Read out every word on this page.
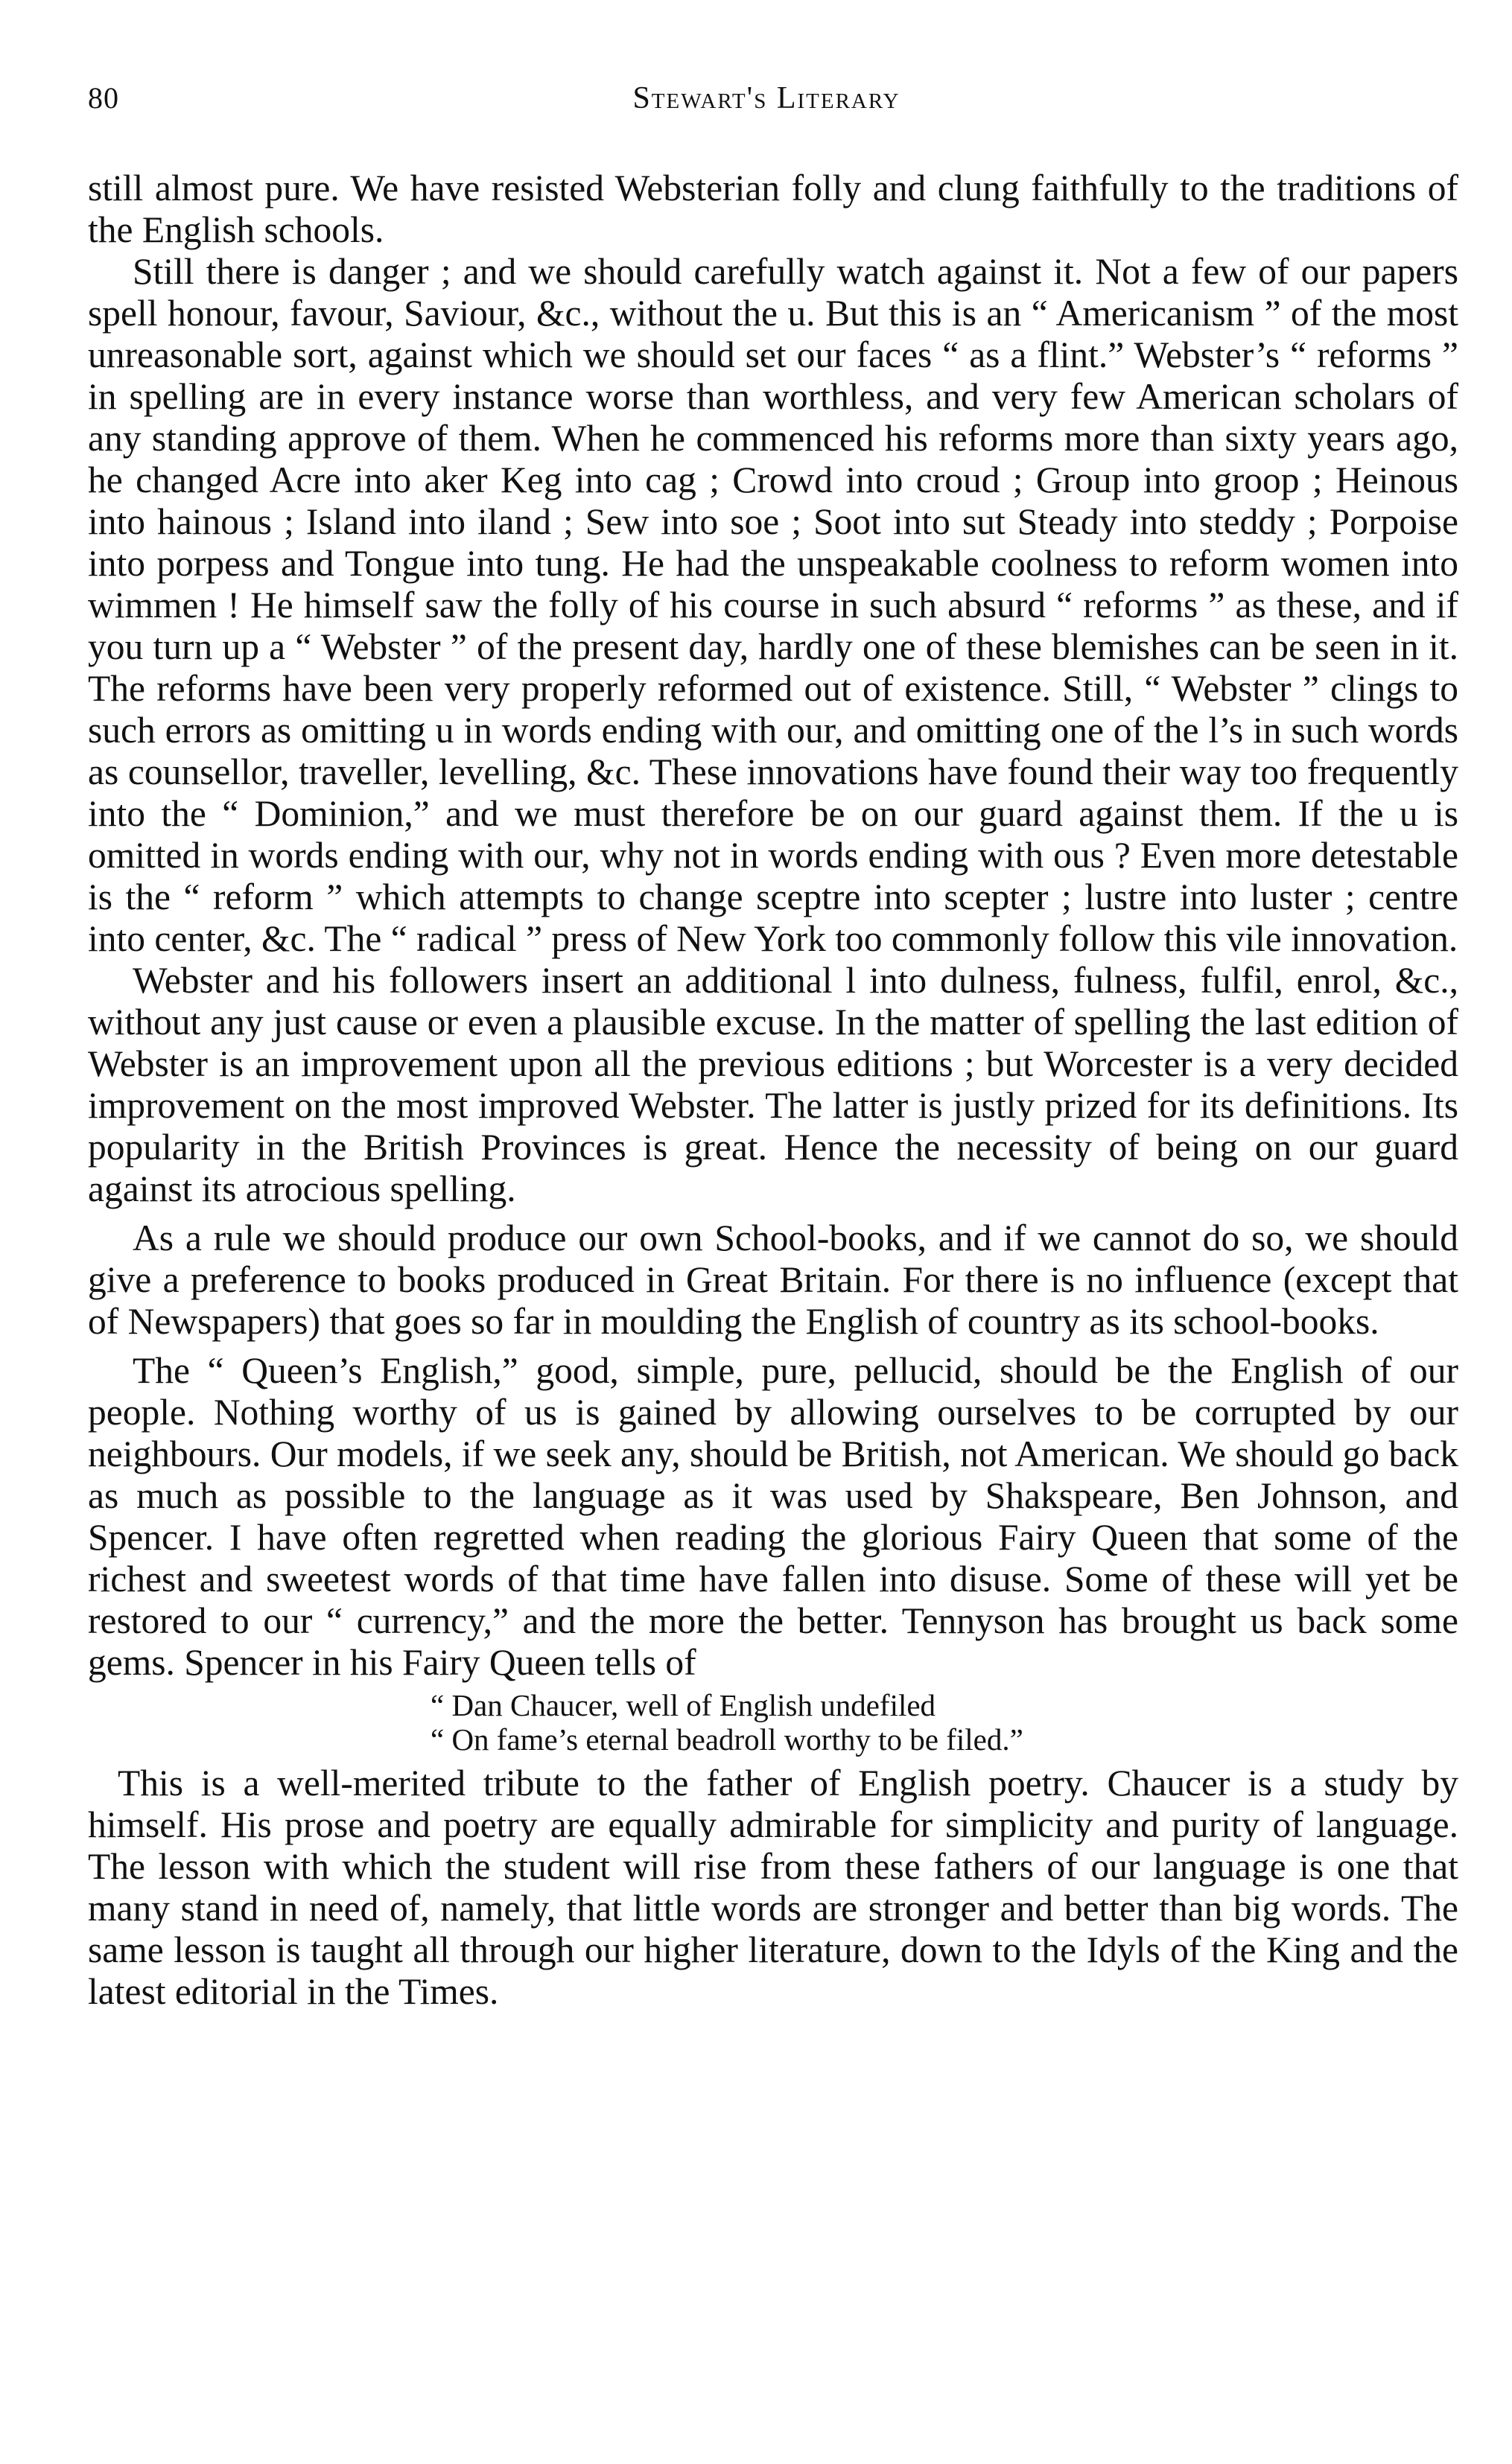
80	Stewart's Literary

still almost pure. We have resisted Websterian folly and clung faithfully to the traditions of the English schools.

Still there is danger ; and we should carefully watch against it. Not a few of our papers spell honour, favour, Saviour, &c., without the u. But this is an “ Americanism ” of the most unreasonable sort, against which we should set our faces “ as a flint.” Webster’s “ reforms ” in spelling are in every instance worse than worthless, and very few American scholars of any standing approve of them. When he commenced his reforms more than sixty years ago, he changed Acre into aker Keg into cag ; Crowd into croud ; Group into groop ; Heinous into hainous ; Island into iland ; Sew into soe ; Soot into sut Steady into steddy ; Porpoise into porpess and Tongue into tung. He had the unspeakable coolness to reform women into wimmen ! He himself saw the folly of his course in such absurd “ reforms ” as these, and if you turn up a “ Webster ” of the present day, hardly one of these blemishes can be seen in it. The reforms have been very properly reformed out of existence. Still, “ Webster ” clings to such errors as omitting u in words ending with our, and omitting one of the l’s in such words as counsellor, traveller, levelling, &c. These innovations have found their way too frequently into the “ Dominion,” and we must therefore be on our guard against them. If the u is omitted in words ending with our, why not in words ending with ous ? Even more detestable is the “ reform ” which attempts to change sceptre into scepter ; lustre into luster ; centre into center, &c. The “ radical ” press of New York too commonly follow this vile innovation.

Webster and his followers insert an additional l into dulness, fulness, fulfil, enrol, &c., without any just cause or even a plausible excuse. In the matter of spelling the last edition of Webster is an improvement upon all the previous editions ; but Worcester is a very decided improvement on the most improved Webster. The latter is justly prized for its definitions. Its popularity in the British Provinces is great. Hence the necessity of being on our guard against its atrocious spelling.

As a rule we should produce our own School-books, and if we cannot do so, we should give a preference to books produced in Great Britain. For there is no influence (except that of Newspapers) that goes so far in moulding the English of country as its school-books.

The “ Queen’s English,” good, simple, pure, pellucid, should be the English of our people. Nothing worthy of us is gained by allowing ourselves to be corrupted by our neighbours. Our models, if we seek any, should be British, not American. We should go back as much as possible to the language as it was used by Shakspeare, Ben Johnson, and Spencer. I have often regretted when reading the glorious Fairy Queen that some of the richest and sweetest words of that time have fallen into disuse. Some of these will yet be restored to our “ currency,” and the more the better. Tennyson has brought us back some gems. Spencer in his Fairy Queen tells of

“ Dan Chaucer, well of English undefiled
“ On fame’s eternal beadroll worthy to be filed.”

This is a well-merited tribute to the father of English poetry. Chaucer is a study by himself. His prose and poetry are equally admirable for simplicity and purity of language. The lesson with which the student will rise from these fathers of our language is one that many stand in need of, namely, that little words are stronger and better than big words. The same lesson is taught all through our higher literature, down to the Idyls of the King and the latest editorial in the Times.
